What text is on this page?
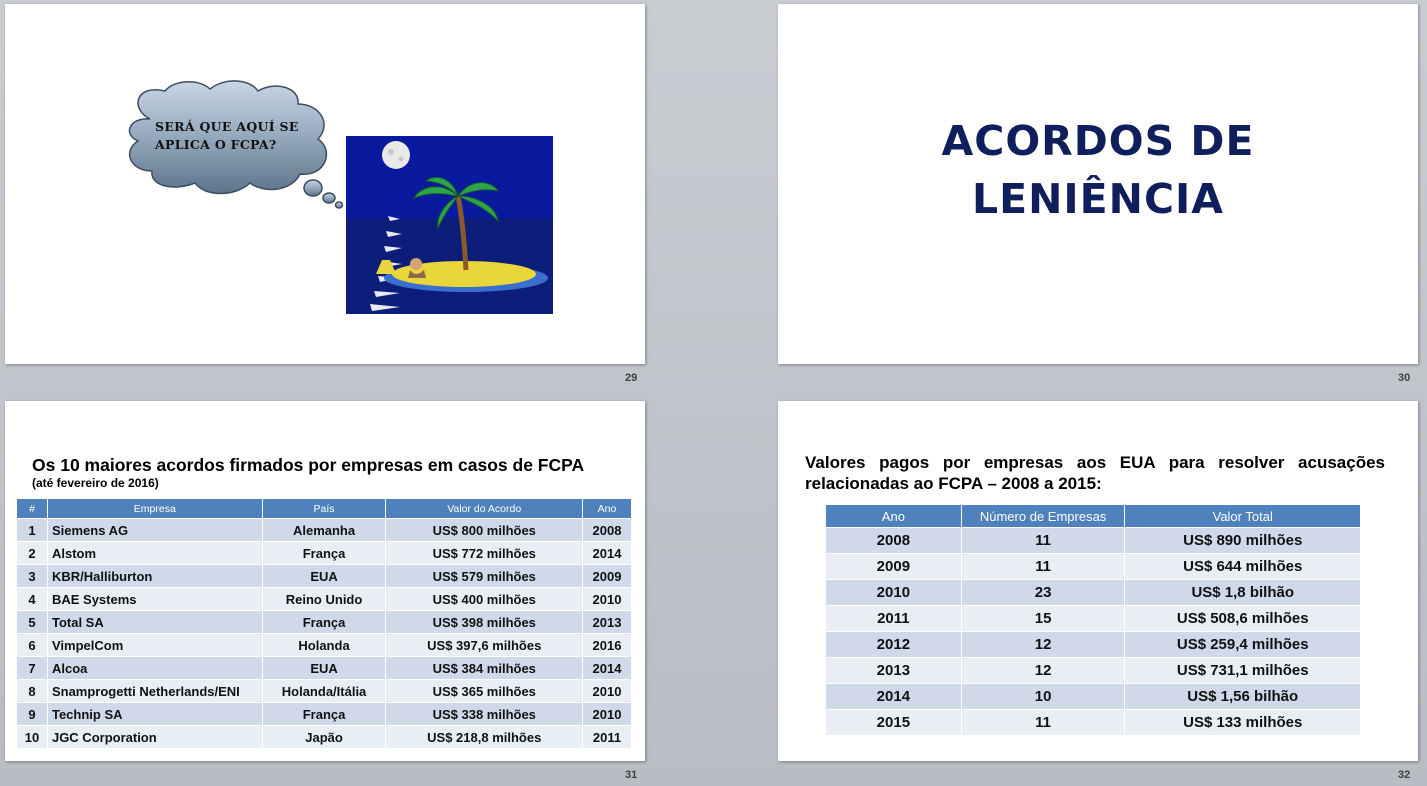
SERÁ QUE AQUÍ SE
APLICA O FCPA?
29
ACORDOS DE
LENIÊNCIA
30
Os 10 maiores acordos firmados por empresas em casos de FCPA
(até fevereiro de 2016)
#	Empresa	País	Valor do Acordo	Ano
1	Siemens AG	Alemanha	US$ 800 milhões	2008
2	Alstom	França	US$ 772 milhões	2014
3	KBR/Halliburton	EUA	US$ 579 milhões	2009
4	BAE Systems	Reino Unido	US$ 400 milhões	2010
5	Total SA	França	US$ 398 milhões	2013
6	VimpelCom	Holanda	US$ 397,6 milhões	2016
7	Alcoa	EUA	US$ 384 milhões	2014
8	Snamprogetti Netherlands/ENI	Holanda/Itália	US$ 365 milhões	2010
9	Technip SA	França	US$ 338 milhões	2010
10	JGC Corporation	Japão	US$ 218,8 milhões	2011
31
Valores pagos por empresas aos EUA para resolver acusações relacionadas ao FCPA – 2008 a 2015:
Ano	Número de Empresas	Valor Total
2008	11	US$ 890 milhões
2009	11	US$ 644 milhões
2010	23	US$ 1,8 bilhão
2011	15	US$ 508,6 milhões
2012	12	US$ 259,4 milhões
2013	12	US$ 731,1 milhões
2014	10	US$ 1,56 bilhão
2015	11	US$ 133 milhões
32
